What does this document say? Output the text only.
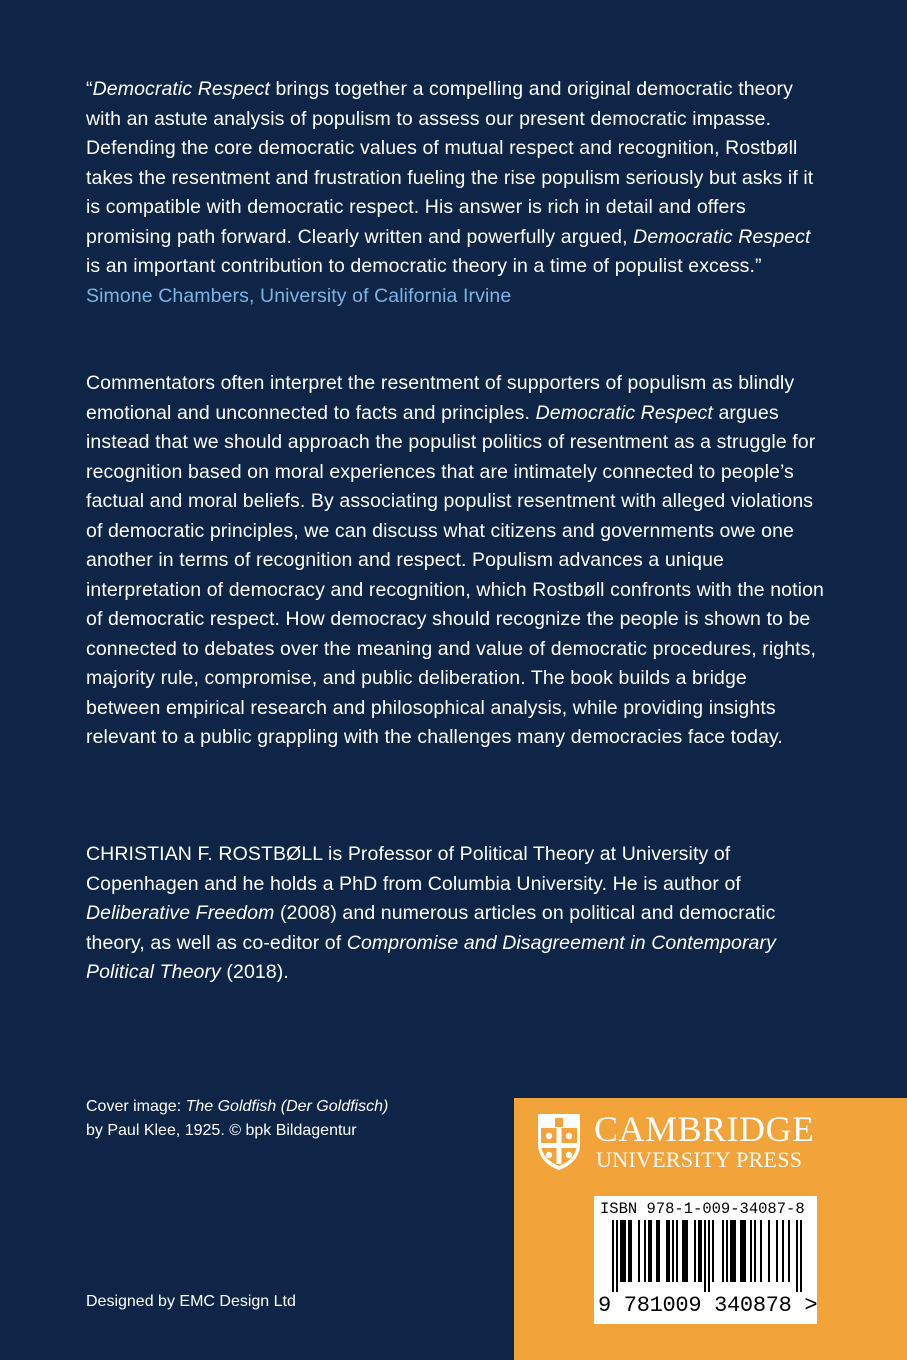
“Democratic Respect brings together a compelling and original democratic theory with an astute analysis of populism to assess our present democratic impasse. Defending the core democratic values of mutual respect and recognition, Rostbøll takes the resentment and frustration fueling the rise populism seriously but asks if it is compatible with democratic respect. His answer is rich in detail and offers promising path forward. Clearly written and powerfully argued, Democratic Respect is an important contribution to democratic theory in a time of populist excess.”

Simone Chambers, University of California Irvine

Commentators often interpret the resentment of supporters of populism as blindly emotional and unconnected to facts and principles. Democratic Respect argues instead that we should approach the populist politics of resentment as a struggle for recognition based on moral experiences that are intimately connected to people’s factual and moral beliefs. By associating populist resentment with alleged violations of democratic principles, we can discuss what citizens and governments owe one another in terms of recognition and respect. Populism advances a unique interpretation of democracy and recognition, which Rostbøll confronts with the notion of democratic respect. How democracy should recognize the people is shown to be connected to debates over the meaning and value of democratic procedures, rights, majority rule, compromise, and public deliberation. The book builds a bridge between empirical research and philosophical analysis, while providing insights relevant to a public grappling with the challenges many democracies face today.

CHRISTIAN F. ROSTBØLL is Professor of Political Theory at University of Copenhagen and he holds a PhD from Columbia University. He is author of Deliberative Freedom (2008) and numerous articles on political and democratic theory, as well as co-editor of Compromise and Disagreement in Contemporary Political Theory (2018).

Cover image: The Goldfish (Der Goldfisch)
by Paul Klee, 1925. © bpk Bildagentur
Designed by EMC Design Ltd
CAMBRIDGE
UNIVERSITY PRESS
ISBN 978-1-009-34087-8
9 781009 340878 >
